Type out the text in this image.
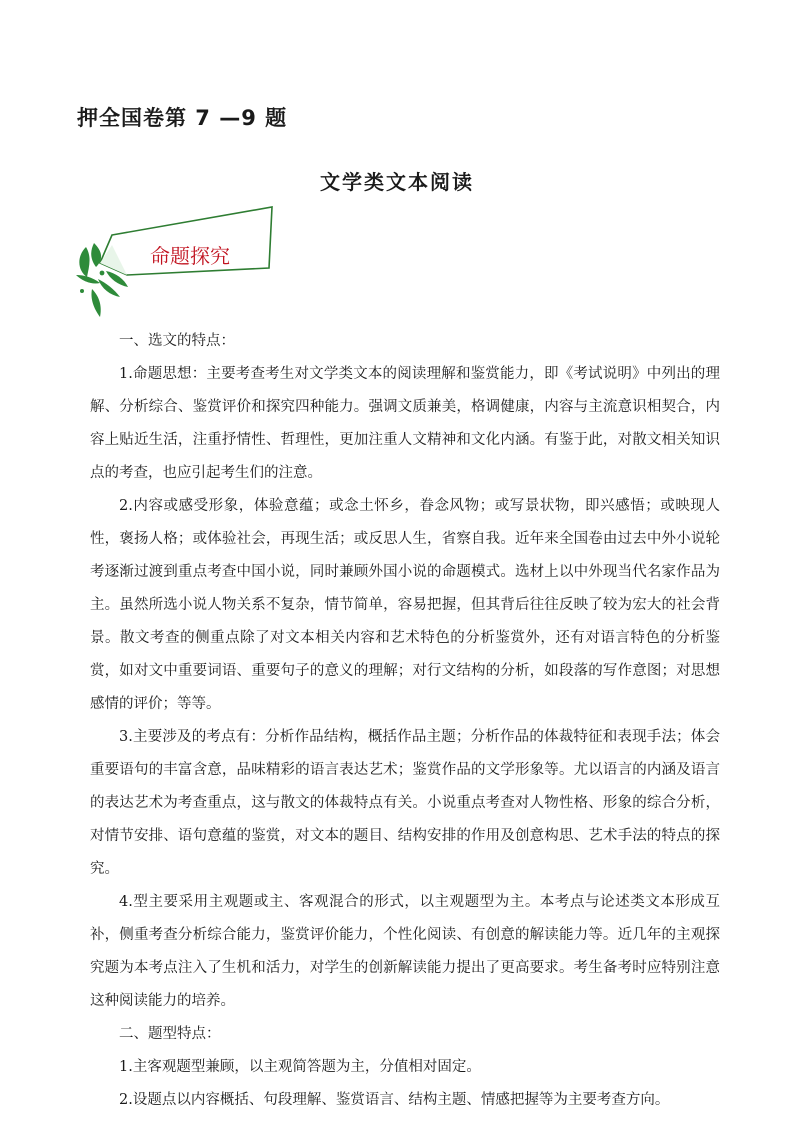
押全国卷第 7 —9 题
文学类文本阅读
命题探究

一、选文的特点：

1.命题思想：主要考查考生对文学类文本的阅读理解和鉴赏能力，即《考试说明》中列出的理解、分析综合、鉴赏评价和探究四种能力。强调文质兼美，格调健康，内容与主流意识相契合，内容上贴近生活，注重抒情性、哲理性，更加注重人文精神和文化内涵。有鉴于此，对散文相关知识点的考查，也应引起考生们的注意。

2.内容或感受形象，体验意蕴；或念土怀乡，眷念风物；或写景状物，即兴感悟；或映现人性，褒扬人格；或体验社会，再现生活；或反思人生，省察自我。近年来全国卷由过去中外小说轮考逐渐过渡到重点考查中国小说，同时兼顾外国小说的命题模式。选材上以中外现当代名家作品为主。虽然所选小说人物关系不复杂，情节简单，容易把握，但其背后往往反映了较为宏大的社会背景。散文考查的侧重点除了对文本相关内容和艺术特色的分析鉴赏外，还有对语言特色的分析鉴赏，如对文中重要词语、重要句子的意义的理解；对行文结构的分析，如段落的写作意图；对思想感情的评价；等等。

3.主要涉及的考点有：分析作品结构，概括作品主题；分析作品的体裁特征和表现手法；体会重要语句的丰富含意，品味精彩的语言表达艺术；鉴赏作品的文学形象等。尤以语言的内涵及语言的表达艺术为考查重点，这与散文的体裁特点有关。小说重点考查对人物性格、形象的综合分析，对情节安排、语句意蕴的鉴赏，对文本的题目、结构安排的作用及创意构思、艺术手法的特点的探究。

4.型主要采用主观题或主、客观混合的形式，以主观题型为主。本考点与论述类文本形成互补，侧重考查分析综合能力，鉴赏评价能力，个性化阅读、有创意的解读能力等。近几年的主观探究题为本考点注入了生机和活力，对学生的创新解读能力提出了更高要求。考生备考时应特别注意这种阅读能力的培养。

二、题型特点：

1.主客观题型兼顾，以主观简答题为主，分值相对固定。

2.设题点以内容概括、句段理解、鉴赏语言、结构主题、情感把握等为主要考查方向。
